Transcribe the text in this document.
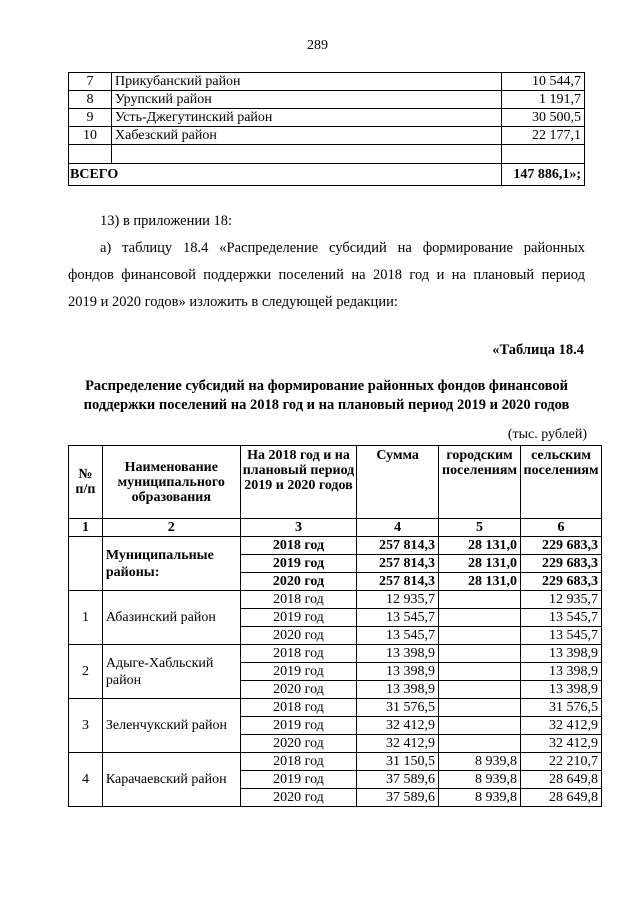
289
7	Прикубанский район	10 544,7
8	Урупский район	1 191,7
9	Усть-Джегутинский район	30 500,5
10	Хабезский район	22 177,1

ВСЕГО		147 886,1»;
13) в приложении 18:
а) таблицу 18.4 «Распределение субсидий на формирование районных
фондов финансовой поддержки поселений на 2018 год и на плановый период
2019 и 2020 годов» изложить в следующей редакции:
«Таблица 18.4
Распределение субсидий на формирование районных фондов финансовой
поддержки поселений на 2018 год и на плановый период 2019 и 2020 годов
(тыс. рублей)
№ п/п	Наименование муниципального образования	На 2018 год и на плановый период 2019 и 2020 годов	Сумма	городским поселениям	сельским поселениям
1	2	3	4	5	6
	Муниципальные районы:	2018 год	257 814,3	28 131,0	229 683,3
		2019 год	257 814,3	28 131,0	229 683,3
		2020 год	257 814,3	28 131,0	229 683,3
1	Абазинский район	2018 год	12 935,7		12 935,7
		2019 год	13 545,7		13 545,7
		2020 год	13 545,7		13 545,7
2	Адыге-Хабльский район	2018 год	13 398,9		13 398,9
		2019 год	13 398,9		13 398,9
		2020 год	13 398,9		13 398,9
3	Зеленчукский район	2018 год	31 576,5		31 576,5
		2019 год	32 412,9		32 412,9
		2020 год	32 412,9		32 412,9
4	Карачаевский район	2018 год	31 150,5	8 939,8	22 210,7
		2019 год	37 589,6	8 939,8	28 649,8
		2020 год	37 589,6	8 939,8	28 649,8
